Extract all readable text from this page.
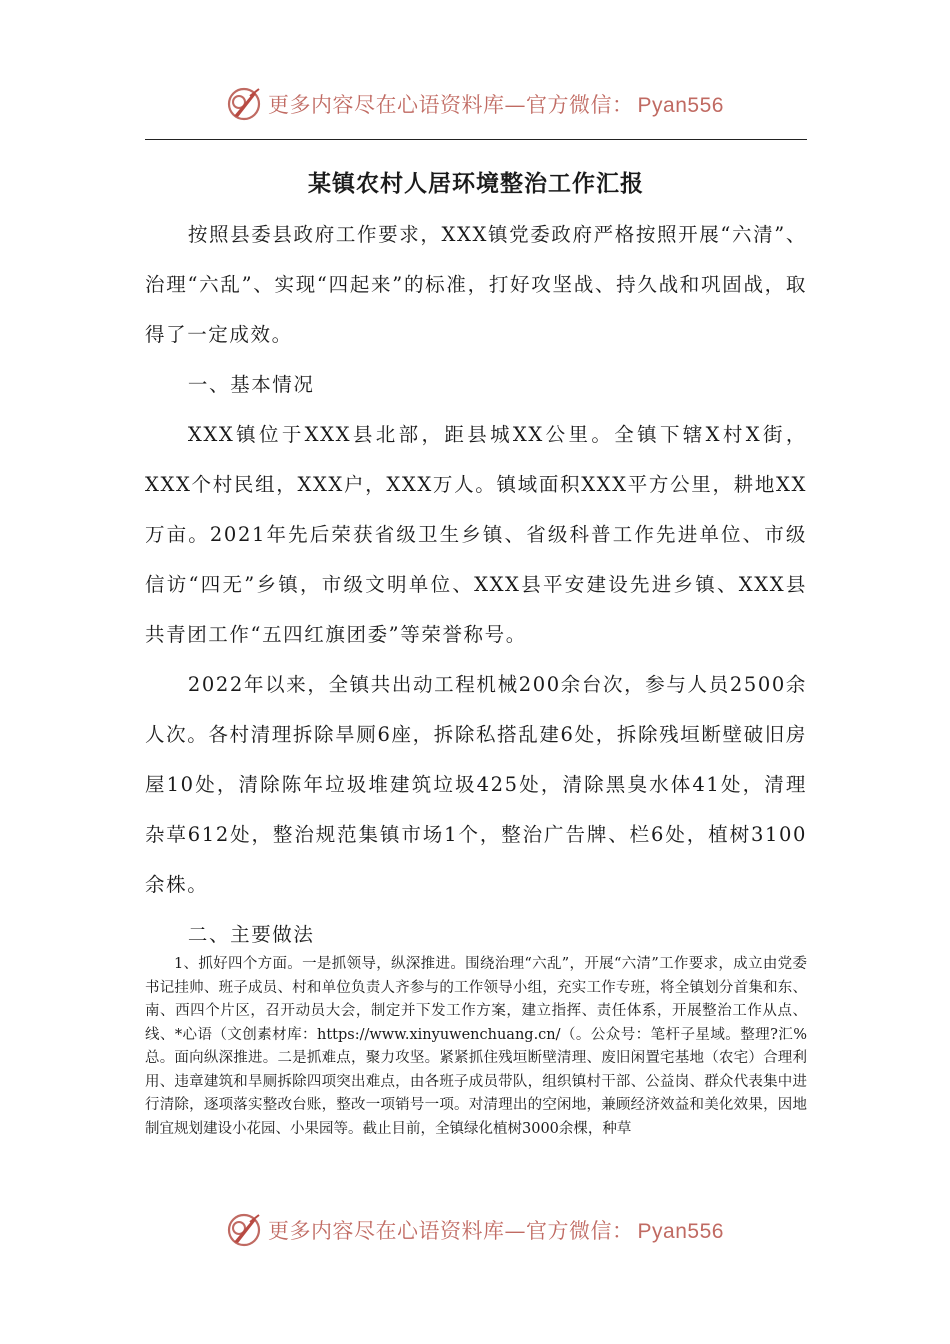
更多内容尽在心语资料库—官方微信： Pyan556
某镇农村人居环境整治工作汇报

按照县委县政府工作要求，XXX镇党委政府严格按照开展“六清”、治理“六乱”、实现“四起来”的标准，打好攻坚战、持久战和巩固战，取得了一定成效。

一、基本情况

XXX镇位于XXX县北部，距县城XX公里。全镇下辖X村X街，XXX个村民组，XXX户，XXX万人。镇域面积XXX平方公里，耕地XX万亩。2021年先后荣获省级卫生乡镇、省级科普工作先进单位、市级信访“四无”乡镇，市级文明单位、XXX县平安建设先进乡镇、XXX县共青团工作“五四红旗团委”等荣誉称号。

2022年以来，全镇共出动工程机械200余台次，参与人员2500余人次。各村清理拆除旱厕6座，拆除私搭乱建6处，拆除残垣断壁破旧房屋10处，清除陈年垃圾堆建筑垃圾425处，清除黑臭水体41处，清理杂草612处，整治规范集镇市场1个，整治广告牌、栏6处，植树3100余株。

二、主要做法

1、抓好四个方面。一是抓领导，纵深推进。围绕治理“六乱”，开展“六清”工作要求，成立由党委书记挂帅、班子成员、村和单位负责人齐参与的工作领导小组，充实工作专班，将全镇划分首集和东、南、西四个片区，召开动员大会，制定并下发工作方案，建立指挥、责任体系，开展整治工作从点、线、*心语（文创素材库：https://www.xinyuwenchuang.cn/（。公众号：笔杆子星域。整理?汇%总。面向纵深推进。二是抓难点，聚力攻坚。紧紧抓住残垣断壁清理、废旧闲置宅基地（农宅）合理利用、违章建筑和旱厕拆除四项突出难点，由各班子成员带队，组织镇村干部、公益岗、群众代表集中进行清除，逐项落实整改台账，整改一项销号一项。对清理出的空闲地，兼顾经济效益和美化效果，因地制宜规划建设小花园、小果园等。截止目前，全镇绿化植树3000余棵，种草

更多内容尽在心语资料库—官方微信： Pyan556
